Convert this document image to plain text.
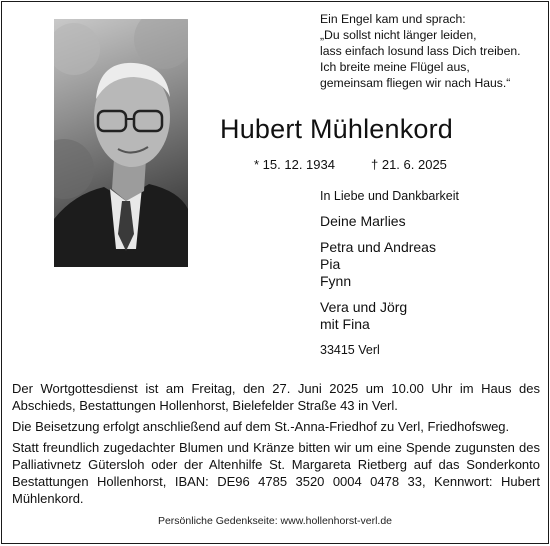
Ein Engel kam und sprach:
„Du sollst nicht länger leiden,
lass einfach losund lass Dich treiben.
Ich breite meine Flügel aus,
gemeinsam fliegen wir nach Haus.“
Hubert Mühlenkord
* 15. 12. 1934	† 21. 6. 2025
In Liebe und Dankbarkeit
Deine Marlies
Petra und Andreas
Pia
Fynn
Vera und Jörg
mit Fina
33415 Verl

Der Wortgottesdienst ist am Freitag, den 27. Juni 2025 um 10.00 Uhr im Haus des Abschieds, Bestattungen Hollenhorst, Bielefelder Straße 43 in Verl.

Die Beisetzung erfolgt anschließend auf dem St.-Anna-Friedhof zu Verl, Friedhofsweg.

Statt freundlich zugedachter Blumen und Kränze bitten wir um eine Spende zugunsten des Palliativnetz Gütersloh oder der Altenhilfe St. Margareta Rietberg auf das Sonderkonto Bestattungen Hollenhorst, IBAN: DE96 4785 3520 0004 0478 33, Kennwort: Hubert Mühlenkord.

Persönliche Gedenkseite: www.hollenhorst-verl.de
